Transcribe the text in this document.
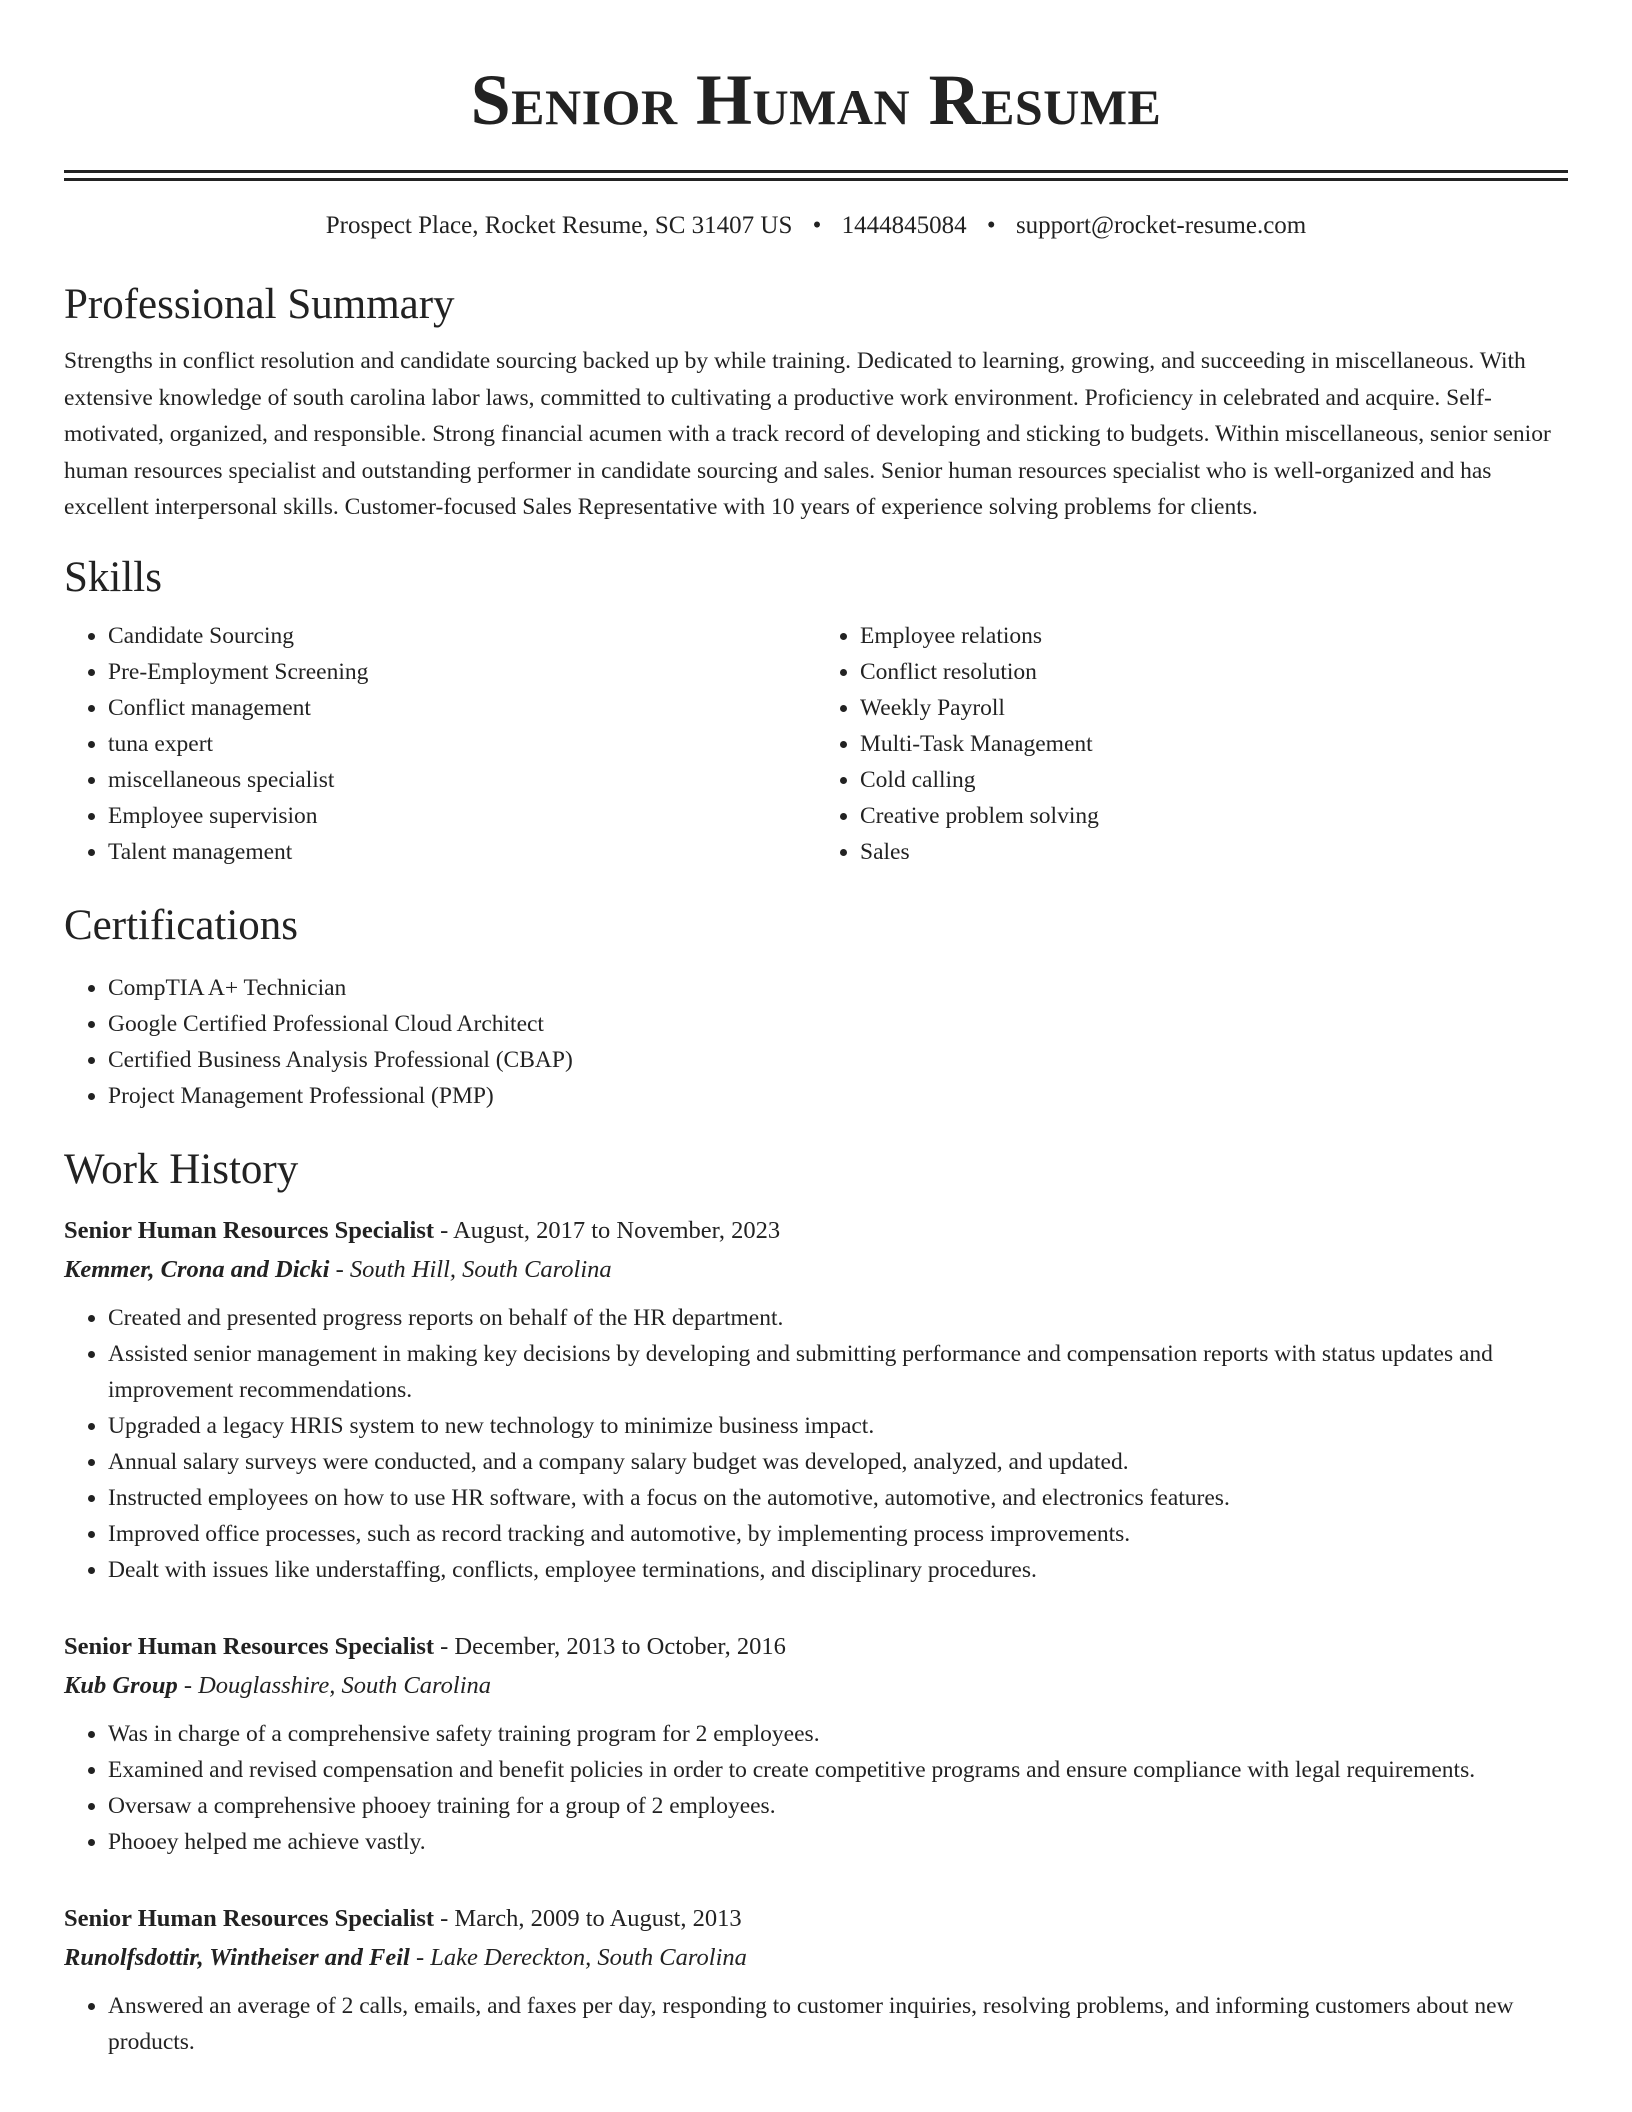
Senior Human Resume
Prospect Place, Rocket Resume, SC 31407 US • 1444845084 • support@rocket-resume.com
Professional Summary
Strengths in conflict resolution and candidate sourcing backed up by while training. Dedicated to learning, growing, and succeeding in miscellaneous. With extensive knowledge of south carolina labor laws, committed to cultivating a productive work environment. Proficiency in celebrated and acquire. Self-motivated, organized, and responsible. Strong financial acumen with a track record of developing and sticking to budgets. Within miscellaneous, senior senior human resources specialist and outstanding performer in candidate sourcing and sales. Senior human resources specialist who is well-organized and has excellent interpersonal skills. Customer-focused Sales Representative with 10 years of experience solving problems for clients.
Skills
• Candidate Sourcing
• Pre-Employment Screening
• Conflict management
• tuna expert
• miscellaneous specialist
• Employee supervision
• Talent management
• Employee relations
• Conflict resolution
• Weekly Payroll
• Multi-Task Management
• Cold calling
• Creative problem solving
• Sales
Certifications
• CompTIA A+ Technician
• Google Certified Professional Cloud Architect
• Certified Business Analysis Professional (CBAP)
• Project Management Professional (PMP)
Work History
Senior Human Resources Specialist - August, 2017 to November, 2023
Kemmer, Crona and Dicki - South Hill, South Carolina
• Created and presented progress reports on behalf of the HR department.
• Assisted senior management in making key decisions by developing and submitting performance and compensation reports with status updates and improvement recommendations.
• Upgraded a legacy HRIS system to new technology to minimize business impact.
• Annual salary surveys were conducted, and a company salary budget was developed, analyzed, and updated.
• Instructed employees on how to use HR software, with a focus on the automotive, automotive, and electronics features.
• Improved office processes, such as record tracking and automotive, by implementing process improvements.
• Dealt with issues like understaffing, conflicts, employee terminations, and disciplinary procedures.
Senior Human Resources Specialist - December, 2013 to October, 2016
Kub Group - Douglasshire, South Carolina
• Was in charge of a comprehensive safety training program for 2 employees.
• Examined and revised compensation and benefit policies in order to create competitive programs and ensure compliance with legal requirements.
• Oversaw a comprehensive phooey training for a group of 2 employees.
• Phooey helped me achieve vastly.
Senior Human Resources Specialist - March, 2009 to August, 2013
Runolfsdottir, Wintheiser and Feil - Lake Dereckton, South Carolina
• Answered an average of 2 calls, emails, and faxes per day, responding to customer inquiries, resolving problems, and informing customers about new products.
